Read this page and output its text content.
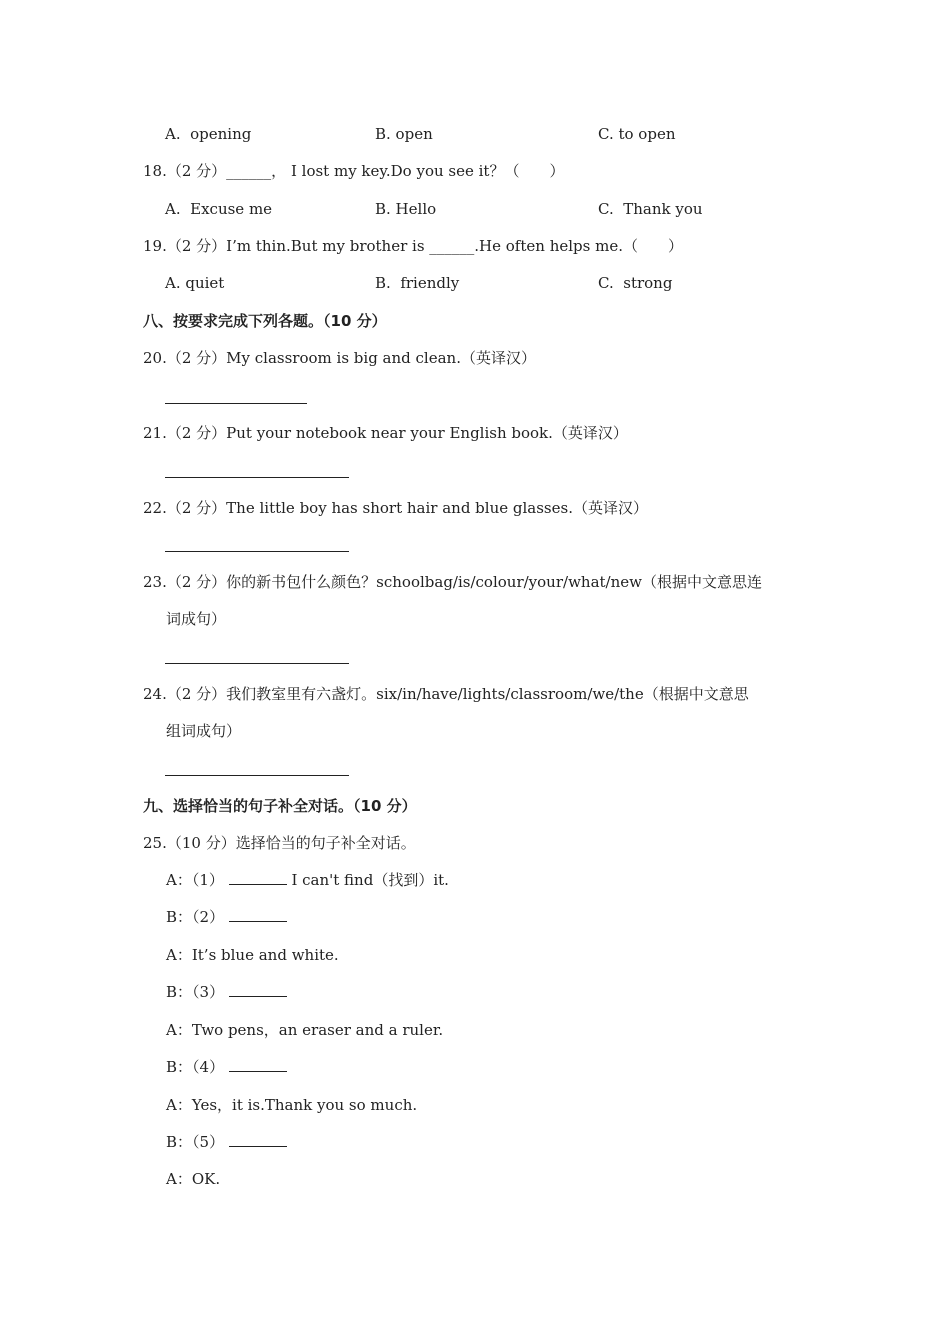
A.  opening	B. open	C. to open
18.（2 分）______， I lost my key.Do you see it？（　　）
A.  Excuse me	B. Hello	C.  Thank you
19.（2 分）I’m thin.But my brother is ______.He often helps me.（　　）
A. quiet	B.  friendly	C.  strong
八、按要求完成下列各题。（10 分）
20.（2 分）My classroom is big and clean.（英译汉）
21.（2 分）Put your notebook near your English book.（英译汉）
22.（2 分）The little boy has short hair and blue glasses.（英译汉）
23.（2 分）你的新书包什么颜色？schoolbag/is/colour/your/what/new（根据中文意思连
词成句）
24.（2 分）我们教室里有六盏灯。six/in/have/lights/classroom/we/the（根据中文意思
组词成句）
九、选择恰当的句子补全对话。（10 分）
25.（10 分）选择恰当的句子补全对话。
A：（1）	I can't find（找到）it.
B：（2）
A：It’s blue and white.
B：（3）
A：Two pens，an eraser and a ruler.
B：（4）
A：Yes，it is.Thank you so much.
B：（5）
A：OK.
